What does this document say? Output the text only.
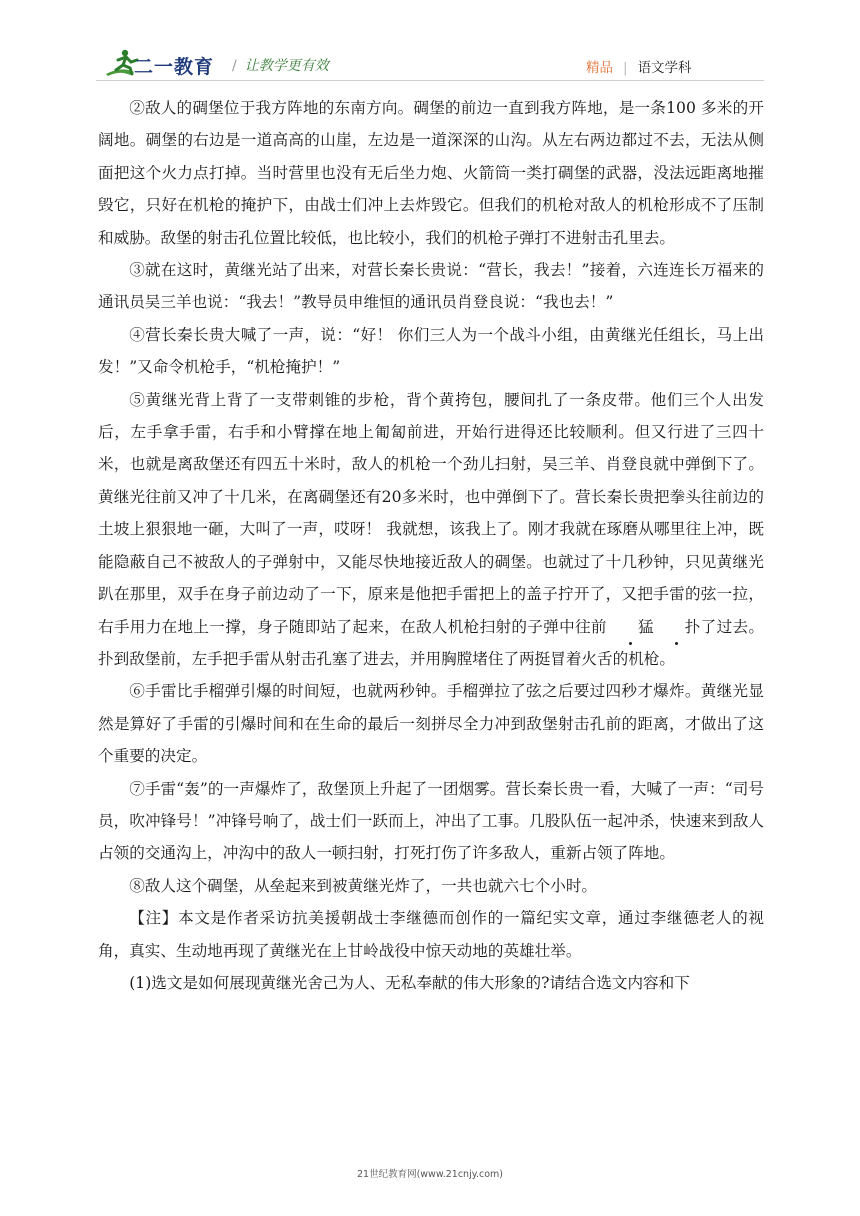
二一教育 / 让教学更有效	精品 | 语文学科

②敌人的碉堡位于我方阵地的东南方向。碉堡的前边一直到我方阵地，是一条100 多米的开阔地。碉堡的右边是一道高高的山崖，左边是一道深深的山沟。从左右两边都过不去，无法从侧面把这个火力点打掉。当时营里也没有无后坐力炮、火箭筒一类打碉堡的武器，没法远距离地摧毁它，只好在机枪的掩护下，由战士们冲上去炸毁它。但我们的机枪对敌人的机枪形成不了压制和威胁。敌堡的射击孔位置比较低，也比较小，我们的机枪子弹打不进射击孔里去。

③就在这时，黄继光站了出来，对营长秦长贵说：“营长，我去！”接着，六连连长万福来的通讯员吴三羊也说：“我去！”教导员申维恒的通讯员肖登良说：“我也去！”

④营长秦长贵大喊了一声，说：“好！ 你们三人为一个战斗小组，由黄继光任组长，马上出发！”又命令机枪手，“机枪掩护！”

⑤黄继光背上背了一支带刺锥的步枪，背个黄挎包，腰间扎了一条皮带。他们三个人出发后，左手拿手雷，右手和小臂撑在地上匍匐前进，开始行进得还比较顺利。但又行进了三四十米，也就是离敌堡还有四五十米时，敌人的机枪一个劲儿扫射，吴三羊、肖登良就中弹倒下了。黄继光往前又冲了十几米，在离碉堡还有20多米时，也中弹倒下了。营长秦长贵把拳头往前边的土坡上狠狠地一砸，大叫了一声，哎呀！ 我就想，该我上了。刚才我就在琢磨从哪里往上冲，既能隐蔽自己不被敌人的子弹射中，又能尽快地接近敌人的碉堡。也就过了十几秒钟，只见黄继光趴在那里，双手在身子前边动了一下，原来是他把手雷把上的盖子拧开了，又把手雷的弦一拉，右手用力在地上一撑，身子随即站了起来，在敌人机枪扫射的子弹中往前 猛 扑了过去。扑到敌堡前，左手把手雷从射击孔塞了进去，并用胸膛堵住了两挺冒着火舌的机枪。

⑥手雷比手榴弹引爆的时间短，也就两秒钟。手榴弹拉了弦之后要过四秒才爆炸。黄继光显然是算好了手雷的引爆时间和在生命的最后一刻拼尽全力冲到敌堡射击孔前的距离，才做出了这个重要的决定。

⑦手雷“轰”的一声爆炸了，敌堡顶上升起了一团烟雾。营长秦长贵一看，大喊了一声：“司号员，吹冲锋号！”冲锋号响了，战士们一跃而上，冲出了工事。几股队伍一起冲杀，快速来到敌人占领的交通沟上，冲沟中的敌人一顿扫射，打死打伤了许多敌人，重新占领了阵地。

⑧敌人这个碉堡，从垒起来到被黄继光炸了，一共也就六七个小时。

【注】本文是作者采访抗美援朝战士李继德而创作的一篇纪实文章，通过李继德老人的视角，真实、生动地再现了黄继光在上甘岭战役中惊天动地的英雄壮举。

(1)选文是如何展现黄继光舍己为人、无私奉献的伟大形象的?请结合选文内容和下

21世纪教育网(www.21cnjy.com)
